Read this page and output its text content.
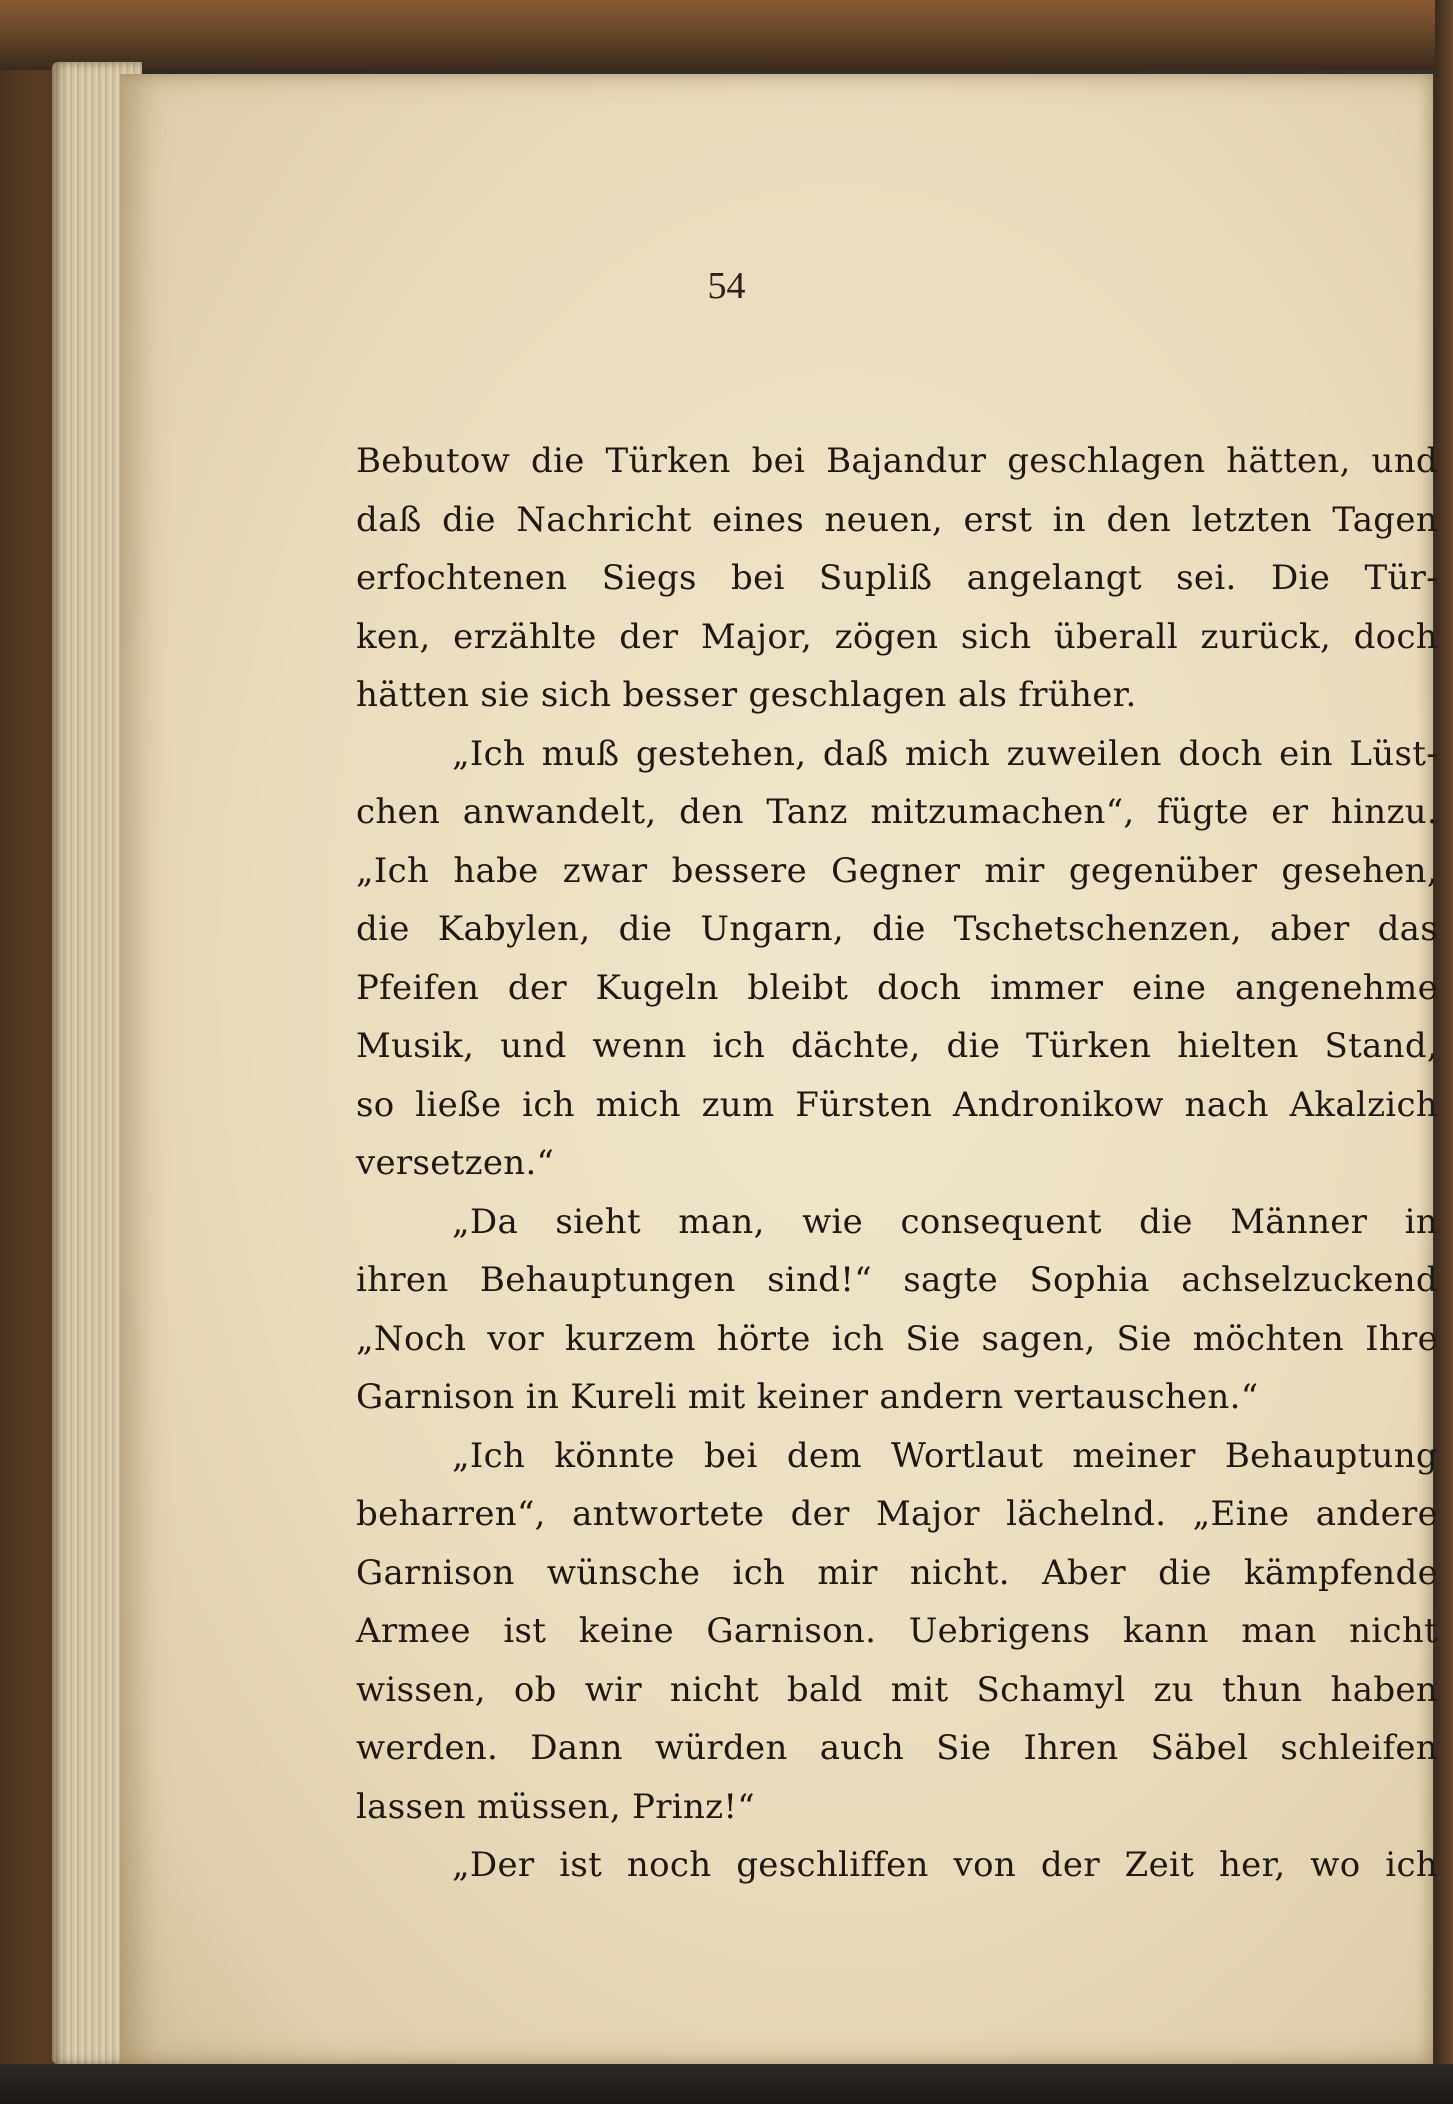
54
Bebutow die Türken bei Bajandur geschlagen hätten, und
daß die Nachricht eines neuen, erst in den letzten Tagen
erfochtenen Siegs bei Supliß angelangt sei. Die Tür-
ken, erzählte der Major, zögen sich überall zurück, doch
hätten sie sich besser geschlagen als früher.
„Ich muß gestehen, daß mich zuweilen doch ein Lüst-
chen anwandelt, den Tanz mitzumachen“, fügte er hinzu.
„Ich habe zwar bessere Gegner mir gegenüber gesehen,
die Kabylen, die Ungarn, die Tschetschenzen, aber das
Pfeifen der Kugeln bleibt doch immer eine angenehme
Musik, und wenn ich dächte, die Türken hielten Stand,
so ließe ich mich zum Fürsten Andronikow nach Akalzich
versetzen.“
„Da sieht man, wie consequent die Männer in
ihren Behauptungen sind!“ sagte Sophia achselzuckend
„Noch vor kurzem hörte ich Sie sagen, Sie möchten Ihre
Garnison in Kureli mit keiner andern vertauschen.“
„Ich könnte bei dem Wortlaut meiner Behauptung
beharren“, antwortete der Major lächelnd. „Eine andere
Garnison wünsche ich mir nicht. Aber die kämpfende
Armee ist keine Garnison. Uebrigens kann man nicht
wissen, ob wir nicht bald mit Schamyl zu thun haben
werden. Dann würden auch Sie Ihren Säbel schleifen
lassen müssen, Prinz!“
„Der ist noch geschliffen von der Zeit her, wo ich
